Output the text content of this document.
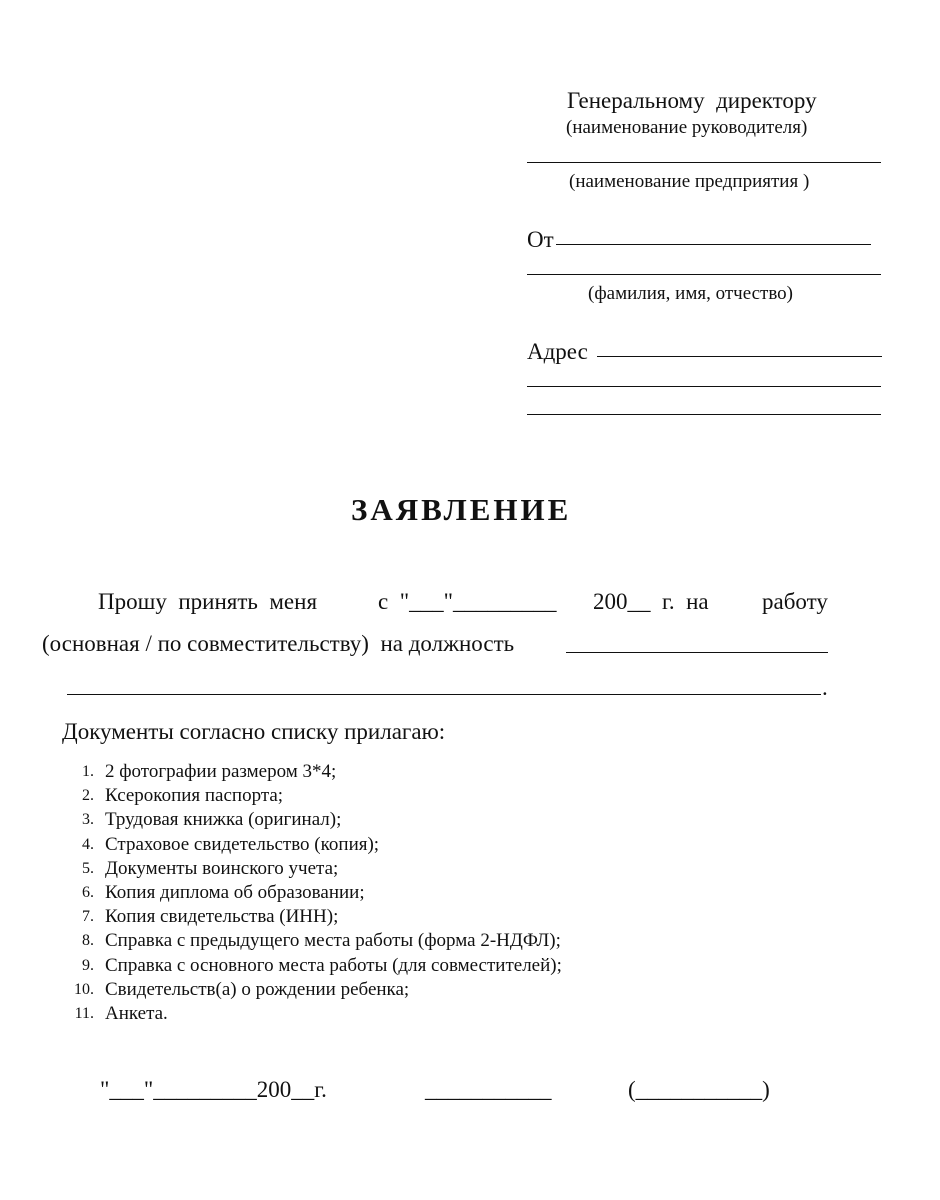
Генеральному  директору
(наименование руководителя)
(наименование предприятия )
От
(фамилия, имя, отчество)
Адрес
ЗАЯВЛЕНИЕ
Прошу  принять  меня	с  "___"_________ 200__  г.  на работу
(основная / по совместительству)  на должность
.
Документы согласно списку прилагаю:
1. 2 фотографии размером 3*4;
2. Ксерокопия паспорта;
3. Трудовая книжка (оригинал);
4. Страховое свидетельство (копия);
5. Документы воинского учета;
6. Копия диплома об образовании;
7. Копия свидетельства (ИНН);
8. Справка с предыдущего места работы (форма 2-НДФЛ);
9. Справка с основного места работы (для совместителей);
10. Свидетельств(а) о рождении ребенка;
11. Анкета.
"___"_________200__г.	___________	(___________)
